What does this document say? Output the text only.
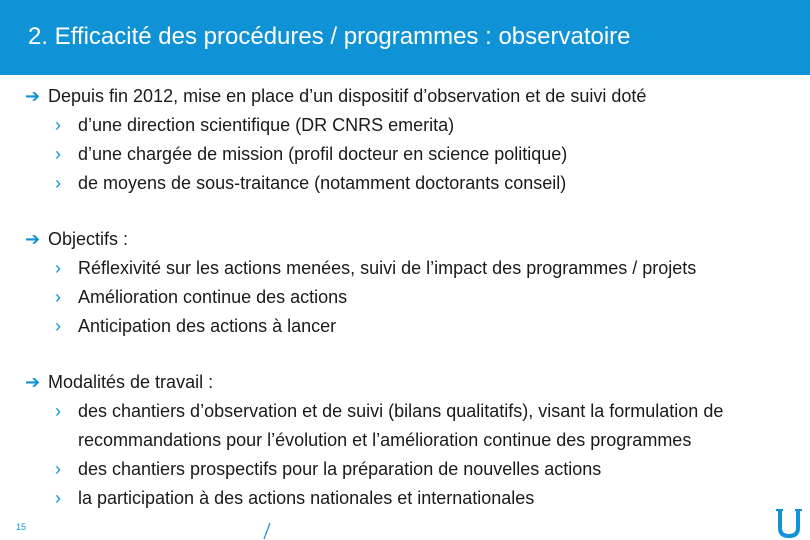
2. Efficacité des procédures / programmes : observatoire
➔ Depuis fin 2012, mise en place d’un dispositif d’observation et de suivi doté
› d’une direction scientifique (DR CNRS emerita)
› d’une chargée de mission (profil docteur en science politique)
› de moyens de sous-traitance (notamment doctorants conseil)
➔ Objectifs :
› Réflexivité sur les actions menées, suivi de l’impact des programmes / projets
› Amélioration continue des actions
› Anticipation des actions à lancer
➔ Modalités de travail :
› des chantiers d’observation et de suivi (bilans qualitatifs), visant la formulation de recommandations pour l’évolution et l’amélioration continue des programmes
› des chantiers prospectifs pour la préparation de nouvelles actions
› la participation à des actions nationales et internationales
15
